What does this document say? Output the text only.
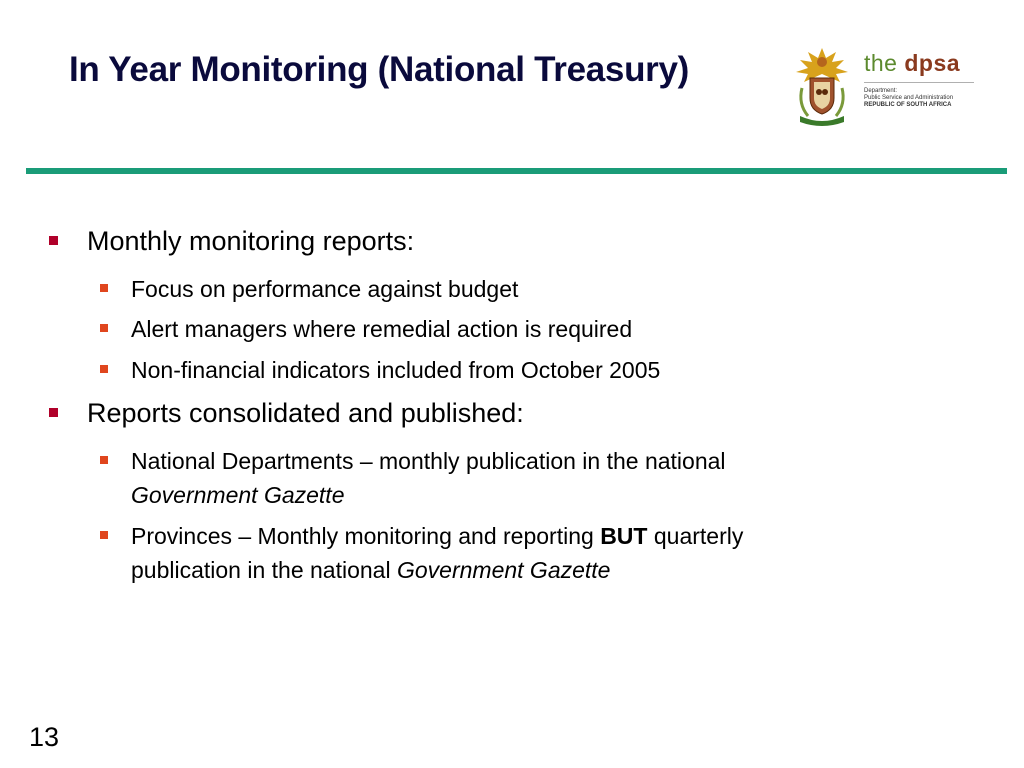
In Year Monitoring (National Treasury)	the dpsa
Department:
Public Service and Administration
REPUBLIC OF SOUTH AFRICA
Monthly monitoring reports:
Focus on performance against budget
Alert managers where remedial action is required
Non-financial indicators included from October 2005
Reports consolidated and published:
National Departments – monthly publication in the national
Government Gazette
Provinces – Monthly monitoring and reporting BUT quarterly
publication in the national Government Gazette
13
